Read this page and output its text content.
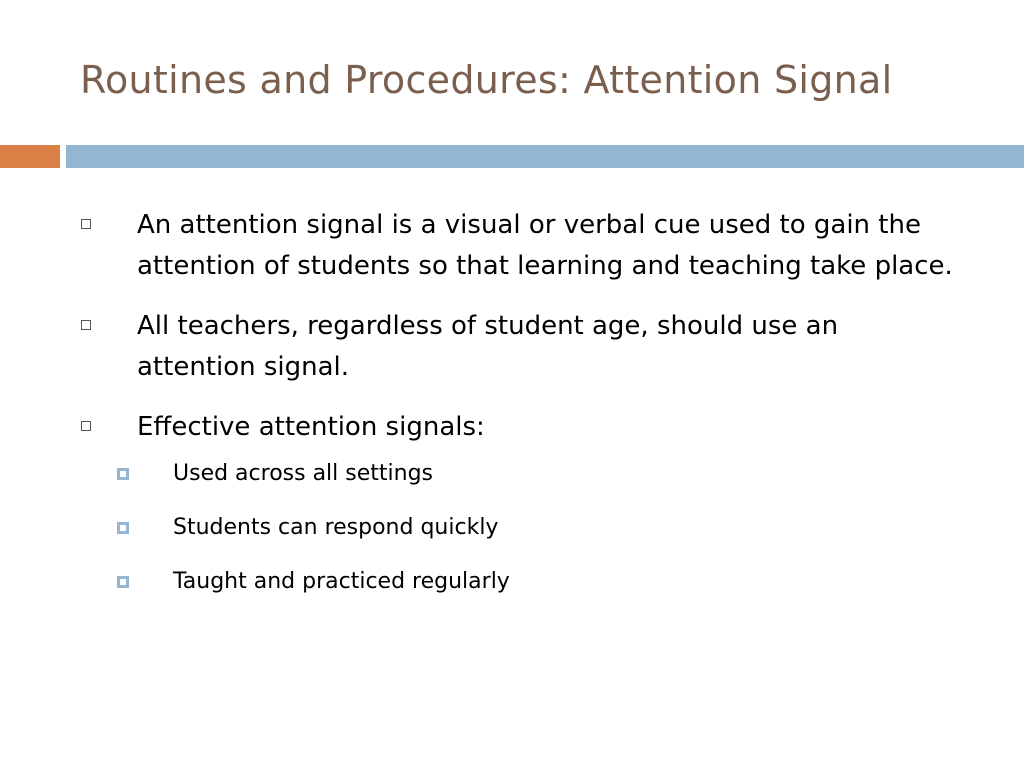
Routines and Procedures: Attention Signal
An attention signal is a visual or verbal cue used to gain the attention of students so that learning and teaching take place.
All teachers, regardless of student age, should use an attention signal.
Effective attention signals:
Used across all settings
Students can respond quickly
Taught and practiced regularly
